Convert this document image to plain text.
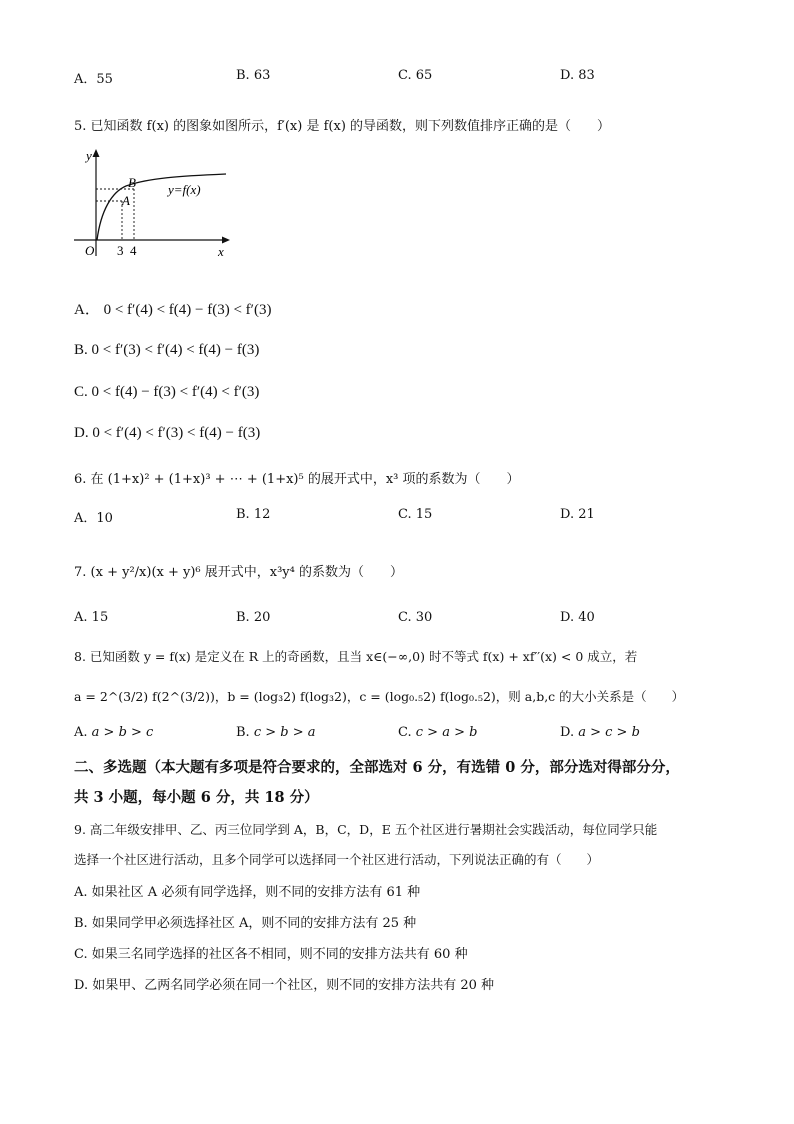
A．55	B. 63	C. 65	D. 83
5. 已知函数 f(x) 的图象如图所示，f′(x) 是 f(x) 的导函数，则下列数值排序正确的是（　　）
y
x
O
B
A
y=f(x)
3 4
A． 0 < f′(4) < f(4) − f(3) < f′(3)
B. 0 < f′(3) < f′(4) < f(4) − f(3)
C. 0 < f(4) − f(3) < f′(4) < f′(3)
D. 0 < f′(4) < f′(3) < f(4) − f(3)
6. 在 (1+x)² + (1+x)³ + ⋯ + (1+x)⁵ 的展开式中，x³ 项的系数为（　　）
A．10	B. 12	C. 15	D. 21
7. (x + y²/x)(x + y)⁶ 展开式中，x³y⁴ 的系数为（　　）
A. 15	B. 20	C. 30	D. 40
8. 已知函数 y = f(x) 是定义在 R 上的奇函数，且当 x∈(−∞,0) 时不等式 f(x) + xf′′(x) < 0 成立，若
a = 2^(3/2) f(2^(3/2))，b = (log₃2) f(log₃2)，c = (log₀.₅2) f(log₀.₅2)，则 a,b,c 的大小关系是（　　）
A. a > b > c	B. c > b > a	C. c > a > b	D. a > c > b
二、多选题（本大题有多项是符合要求的，全部选对 6 分，有选错 0 分，部分选对得部分分，
共 3 小题，每小题 6 分，共 18 分）
9. 高二年级安排甲、乙、丙三位同学到 A，B，C，D，E 五个社区进行暑期社会实践活动，每位同学只能
选择一个社区进行活动，且多个同学可以选择同一个社区进行活动，下列说法正确的有（　　）
A. 如果社区 A 必须有同学选择，则不同的安排方法有 61 种
B. 如果同学甲必须选择社区 A，则不同的安排方法有 25 种
C. 如果三名同学选择的社区各不相同，则不同的安排方法共有 60 种
D. 如果甲、乙两名同学必须在同一个社区，则不同的安排方法共有 20 种
